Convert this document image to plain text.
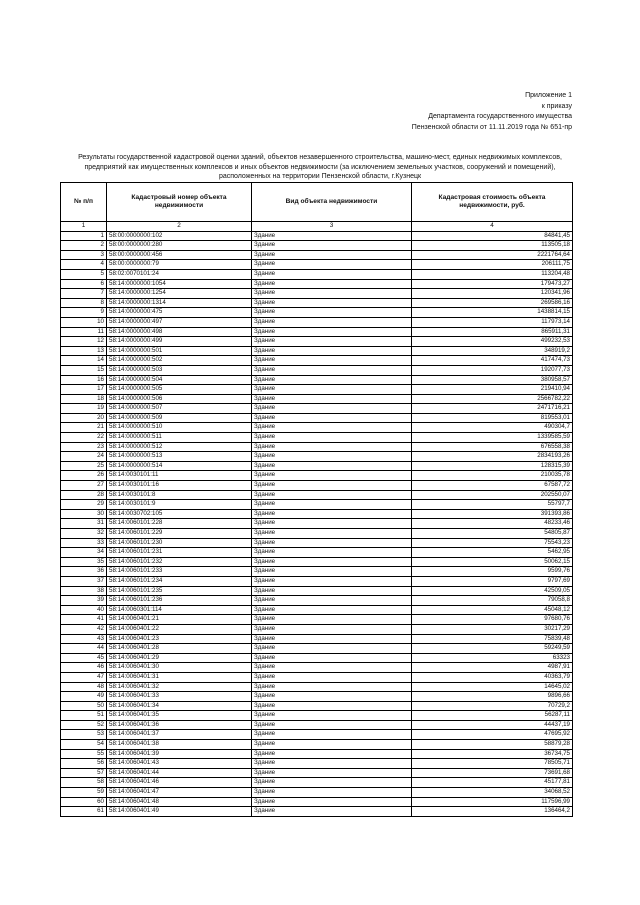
Приложение 1
к приказу
Департамента государственного имущества
Пензенской области от 11.11.2019 года № 651-пр
Результаты государственной кадастровой оценки зданий, объектов незавершенного строительства, машино-мест, единых недвижимых комплексов, предприятий как имущественных комплексов и иных объектов недвижимости (за исключением земельных участков, сооружений и помещений), расположенных на территории Пензенской области, г.Кузнецк
№ п/п	Кадастровый номер объекта недвижимости	Вид объекта недвижимости	Кадастровая стоимость объекта недвижимости, руб.
1	2	3	4
1	58:00:0000000:102	Здание	84841,45
2	58:00:0000000:280	Здание	113505,18
3	58:00:0000000:456	Здание	2221764,64
4	58:00:0000000:79	Здание	206111,75
5	58:02:0070101:24	Здание	113204,48
6	58:14:0000000:1054	Здание	179473,27
7	58:14:0000000:1254	Здание	120341,96
8	58:14:0000000:1314	Здание	269586,16
9	58:14:0000000:475	Здание	1438814,15
10	58:14:0000000:497	Здание	117973,14
11	58:14:0000000:498	Здание	865911,31
12	58:14:0000000:499	Здание	499232,53
13	58:14:0000000:501	Здание	348919,2
14	58:14:0000000:502	Здание	417474,73
15	58:14:0000000:503	Здание	192077,73
16	58:14:0000000:504	Здание	380958,57
17	58:14:0000000:505	Здание	219410,94
18	58:14:0000000:506	Здание	2566782,22
19	58:14:0000000:507	Здание	2471716,21
20	58:14:0000000:509	Здание	819553,01
21	58:14:0000000:510	Здание	490304,7
22	58:14:0000000:511	Здание	1339585,59
23	58:14:0000000:512	Здание	676558,38
24	58:14:0000000:513	Здание	2834193,26
25	58:14:0000000:514	Здание	128315,39
26	58:14:0030101:11	Здание	210035,78
27	58:14:0030101:16	Здание	67587,72
28	58:14:0030101:8	Здание	202550,07
29	58:14:0030101:9	Здание	55797,7
30	58:14:0030702:105	Здание	391393,86
31	58:14:0060101:228	Здание	48233,46
32	58:14:0060101:229	Здание	54805,87
33	58:14:0060101:230	Здание	75543,23
34	58:14:0060101:231	Здание	5462,95
35	58:14:0060101:232	Здание	50062,15
36	58:14:0060101:233	Здание	9599,76
37	58:14:0060101:234	Здание	9797,69
38	58:14:0060101:235	Здание	42509,05
39	58:14:0060101:236	Здание	79058,8
40	58:14:0060301:114	Здание	45048,12
41	58:14:0060401:21	Здание	97680,76
42	58:14:0060401:22	Здание	30217,29
43	58:14:0060401:23	Здание	75839,48
44	58:14:0060401:28	Здание	59249,59
45	58:14:0060401:29	Здание	63323
46	58:14:0060401:30	Здание	4987,91
47	58:14:0060401:31	Здание	40363,79
48	58:14:0060401:32	Здание	14645,02
49	58:14:0060401:33	Здание	9896,66
50	58:14:0060401:34	Здание	70729,2
51	58:14:0060401:35	Здание	56287,11
52	58:14:0060401:36	Здание	44437,19
53	58:14:0060401:37	Здание	47695,92
54	58:14:0060401:38	Здание	58879,28
55	58:14:0060401:39	Здание	36734,75
56	58:14:0060401:43	Здание	78505,71
57	58:14:0060401:44	Здание	73691,68
58	58:14:0060401:46	Здание	45177,81
59	58:14:0060401:47	Здание	34068,52
60	58:14:0060401:48	Здание	117596,99
61	58:14:0060401:49	Здание	136464,2
